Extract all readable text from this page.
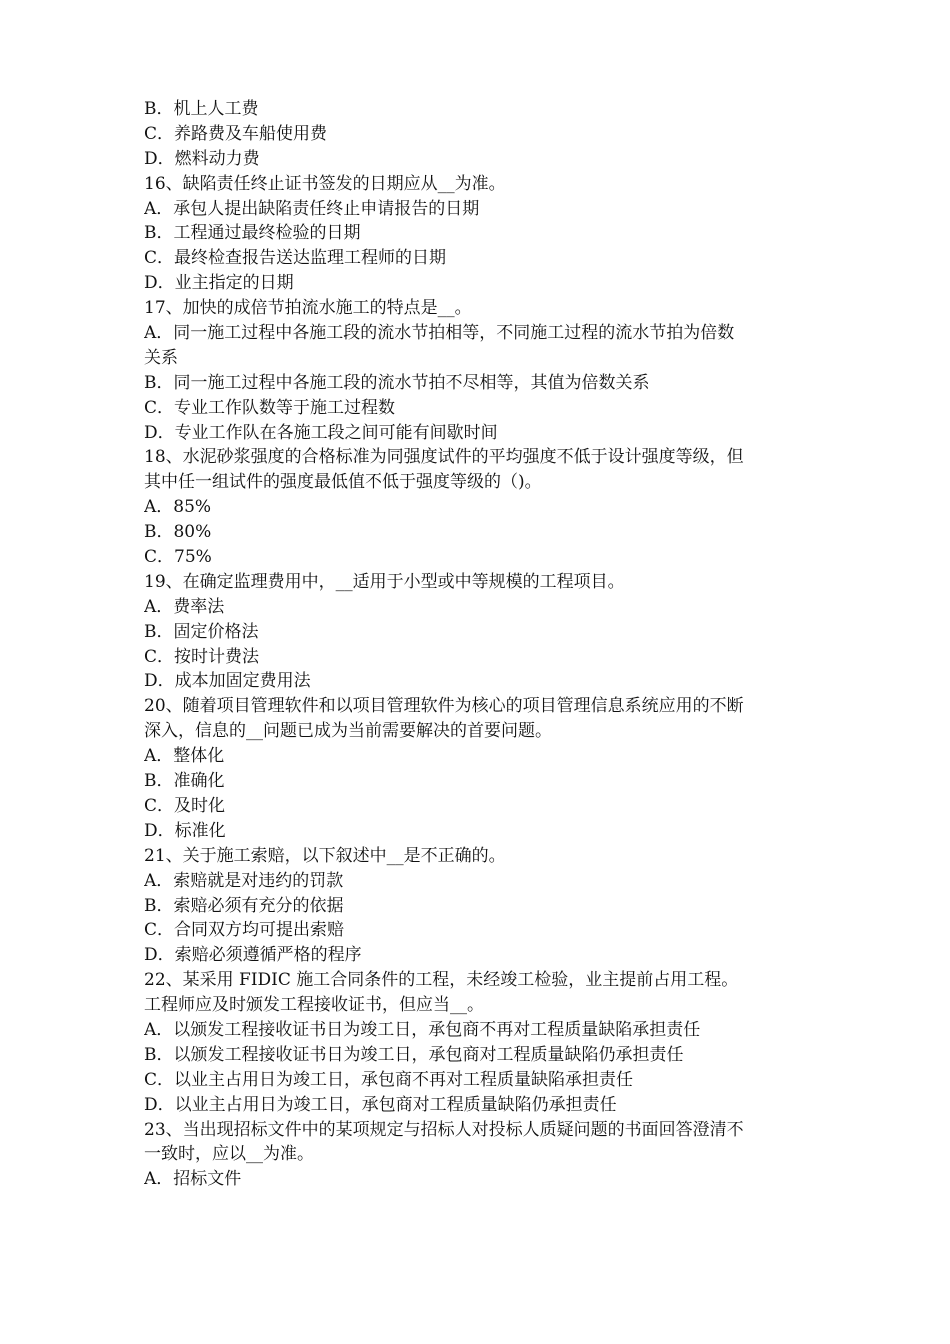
B．机上人工费
C．养路费及车船使用费
D．燃料动力费
16、缺陷责任终止证书签发的日期应从__为准。
A．承包人提出缺陷责任终止申请报告的日期
B．工程通过最终检验的日期
C．最终检查报告送达监理工程师的日期
D．业主指定的日期
17、加快的成倍节拍流水施工的特点是__。
A．同一施工过程中各施工段的流水节拍相等，不同施工过程的流水节拍为倍数
关系
B．同一施工过程中各施工段的流水节拍不尽相等，其值为倍数关系
C．专业工作队数等于施工过程数
D．专业工作队在各施工段之间可能有间歇时间
18、水泥砂浆强度的合格标准为同强度试件的平均强度不低于设计强度等级，但
其中任一组试件的强度最低值不低于强度等级的（)。
A．85%
B．80%
C．75%
19、在确定监理费用中，__适用于小型或中等规模的工程项目。
A．费率法
B．固定价格法
C．按时计费法
D．成本加固定费用法
20、随着项目管理软件和以项目管理软件为核心的项目管理信息系统应用的不断
深入，信息的__问题已成为当前需要解决的首要问题。
A．整体化
B．准确化
C．及时化
D．标准化
21、关于施工索赔，以下叙述中__是不正确的。
A．索赔就是对违约的罚款
B．索赔必须有充分的依据
C．合同双方均可提出索赔
D．索赔必须遵循严格的程序
22、某采用 FIDIC 施工合同条件的工程，未经竣工检验，业主提前占用工程。
工程师应及时颁发工程接收证书，但应当__。
A．以颁发工程接收证书日为竣工日，承包商不再对工程质量缺陷承担责任
B．以颁发工程接收证书日为竣工日，承包商对工程质量缺陷仍承担责任
C．以业主占用日为竣工日，承包商不再对工程质量缺陷承担责任
D．以业主占用日为竣工日，承包商对工程质量缺陷仍承担责任
23、当出现招标文件中的某项规定与招标人对投标人质疑问题的书面回答澄清不
一致时，应以__为准。
A．招标文件
